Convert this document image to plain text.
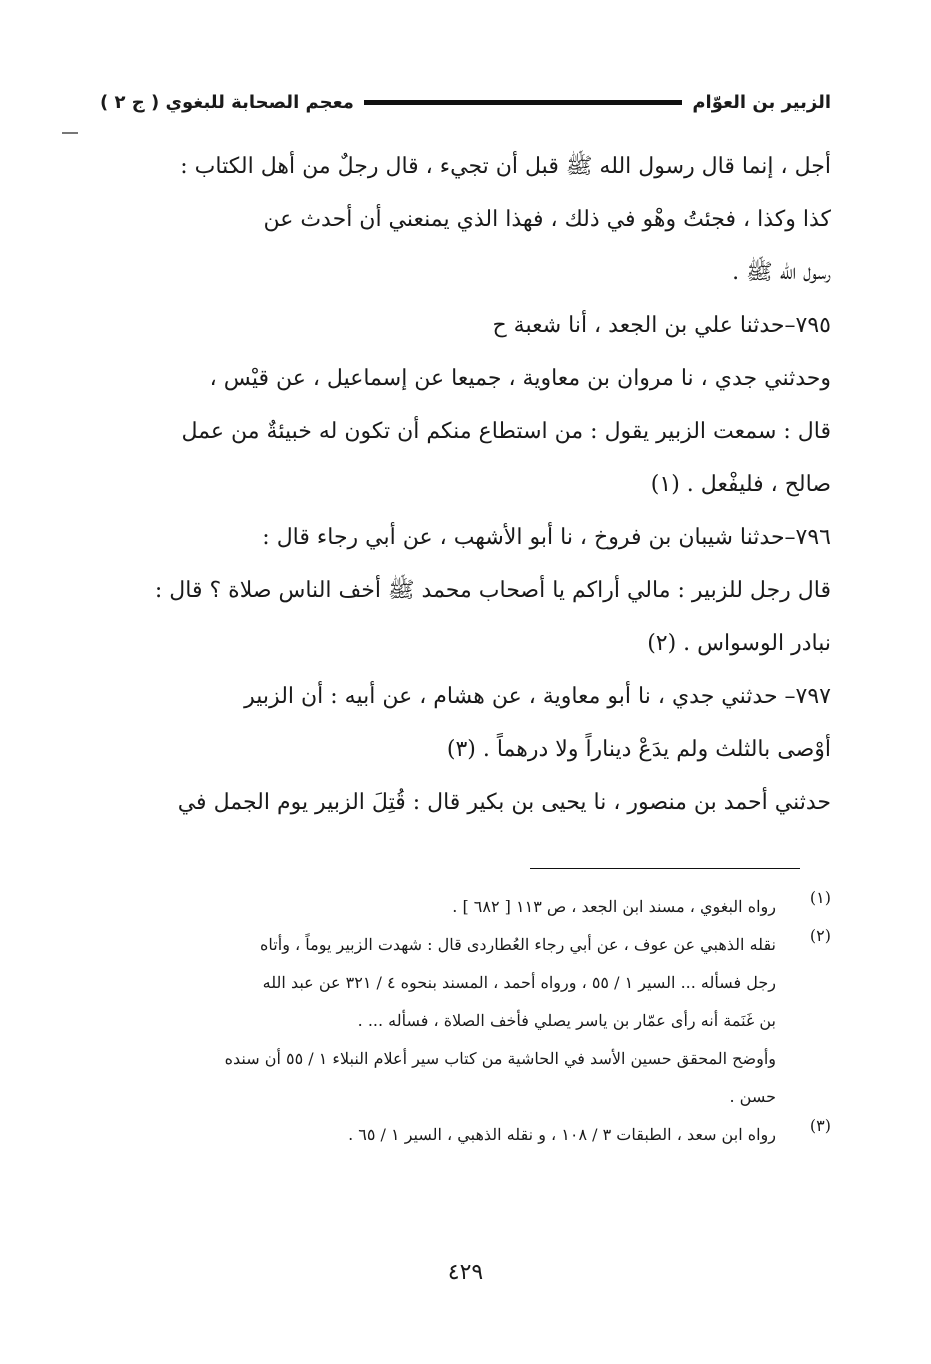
معجم الصحابة للبغوي ( ج ٢ )	الزبير بن العوّام
أجل ، إنما قال رسول الله ﷺ قبل أن تجيء ، قال رجلٌ من أهل الكتاب :
كذا وكذا ، فجئتُ وهْو في ذلك ، فهذا الذي يمنعني أن أحدث عن
رسول الله ﷺ .
٧٩٥–حدثنا علي بن الجعد ، أنا شعبة ح
وحدثني جدي ، نا مروان بن معاوية ، جميعا عن إسماعيل ، عن قيْس ،
قال : سمعت الزبير يقول : من استطاع منكم أن تكون له خبيئةٌ من عمل
صالح ، فليفْعل . (١)
٧٩٦–حدثنا شيبان بن فروخ ، نا أبو الأشهب ، عن أبي رجاء قال :
قال رجل للزبير : مالي أراكم يا أصحاب محمد ﷺ أخف الناس صلاة ؟ قال :
نبادر الوسواس . (٢)
٧٩٧– حدثني جدي ، نا أبو معاوية ، عن هشام ، عن أبيه : أن الزبير
أوْصى بالثلث ولم يدَعْ ديناراً ولا درهماً . (٣)
حدثني أحمد بن منصور ، نا يحيى بن بكير قال : قُتِلَ الزبير يوم الجمل في
(١)
رواه البغوي ، مسند ابن الجعد ، ص ١١٣ [ ٦٨٢ ] .
(٢)
نقله الذهبي عن عوف ، عن أبي رجاء العُطاردى قال : شهدت الزبير يوماً ، وأتاه
رجل فسأله ... السير ١ / ٥٥ ، ورواه أحمد ، المسند بنحوه ٤ / ٣٢١ عن عبد الله
بن غَنَمة أنه رأى عمّار بن ياسر يصلي فأخف الصلاة ، فسأله ... .
وأوضح المحقق حسين الأسد في الحاشية من كتاب سير أعلام النبلاء ١ / ٥٥ أن سنده
حسن .
(٣)
رواه ابن سعد ، الطبقات ٣ / ١٠٨ ، و نقله الذهبي ، السير ١ / ٦٥ .
٤٢٩
